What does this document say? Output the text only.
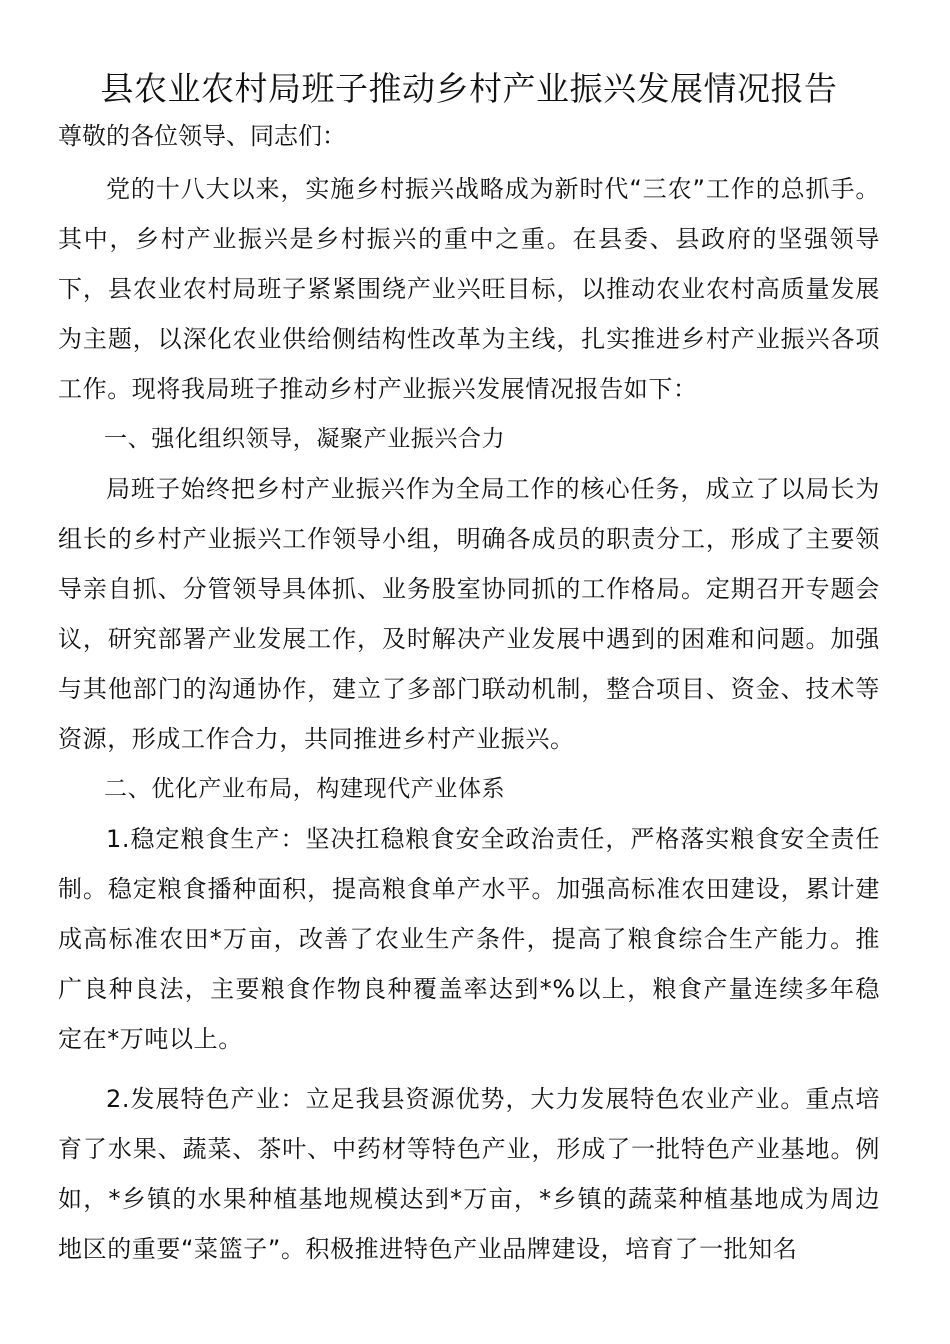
县农业农村局班子推动乡村产业振兴发展情况报告

尊敬的各位领导、同志们：

党的十八大以来，实施乡村振兴战略成为新时代“三农”工作的总抓手。其中，乡村产业振兴是乡村振兴的重中之重。在县委、县政府的坚强领导下，县农业农村局班子紧紧围绕产业兴旺目标，以推动农业农村高质量发展为主题，以深化农业供给侧结构性改革为主线，扎实推进乡村产业振兴各项工作。现将我局班子推动乡村产业振兴发展情况报告如下：

一、强化组织领导，凝聚产业振兴合力

局班子始终把乡村产业振兴作为全局工作的核心任务，成立了以局长为组长的乡村产业振兴工作领导小组，明确各成员的职责分工，形成了主要领导亲自抓、分管领导具体抓、业务股室协同抓的工作格局。定期召开专题会议，研究部署产业发展工作，及时解决产业发展中遇到的困难和问题。加强与其他部门的沟通协作，建立了多部门联动机制，整合项目、资金、技术等资源，形成工作合力，共同推进乡村产业振兴。

二、优化产业布局，构建现代产业体系

1.稳定粮食生产：坚决扛稳粮食安全政治责任，严格落实粮食安全责任制。稳定粮食播种面积，提高粮食单产水平。加强高标准农田建设，累计建成高标准农田*万亩，改善了农业生产条件，提高了粮食综合生产能力。推广良种良法，主要粮食作物良种覆盖率达到*%以上，粮食产量连续多年稳定在*万吨以上。

2.发展特色产业：立足我县资源优势，大力发展特色农业产业。重点培育了水果、蔬菜、茶叶、中药材等特色产业，形成了一批特色产业基地。例如，*乡镇的水果种植基地规模达到*万亩，*乡镇的蔬菜种植基地成为周边地区的重要“菜篮子”。积极推进特色产业品牌建设，培育了一批知名
